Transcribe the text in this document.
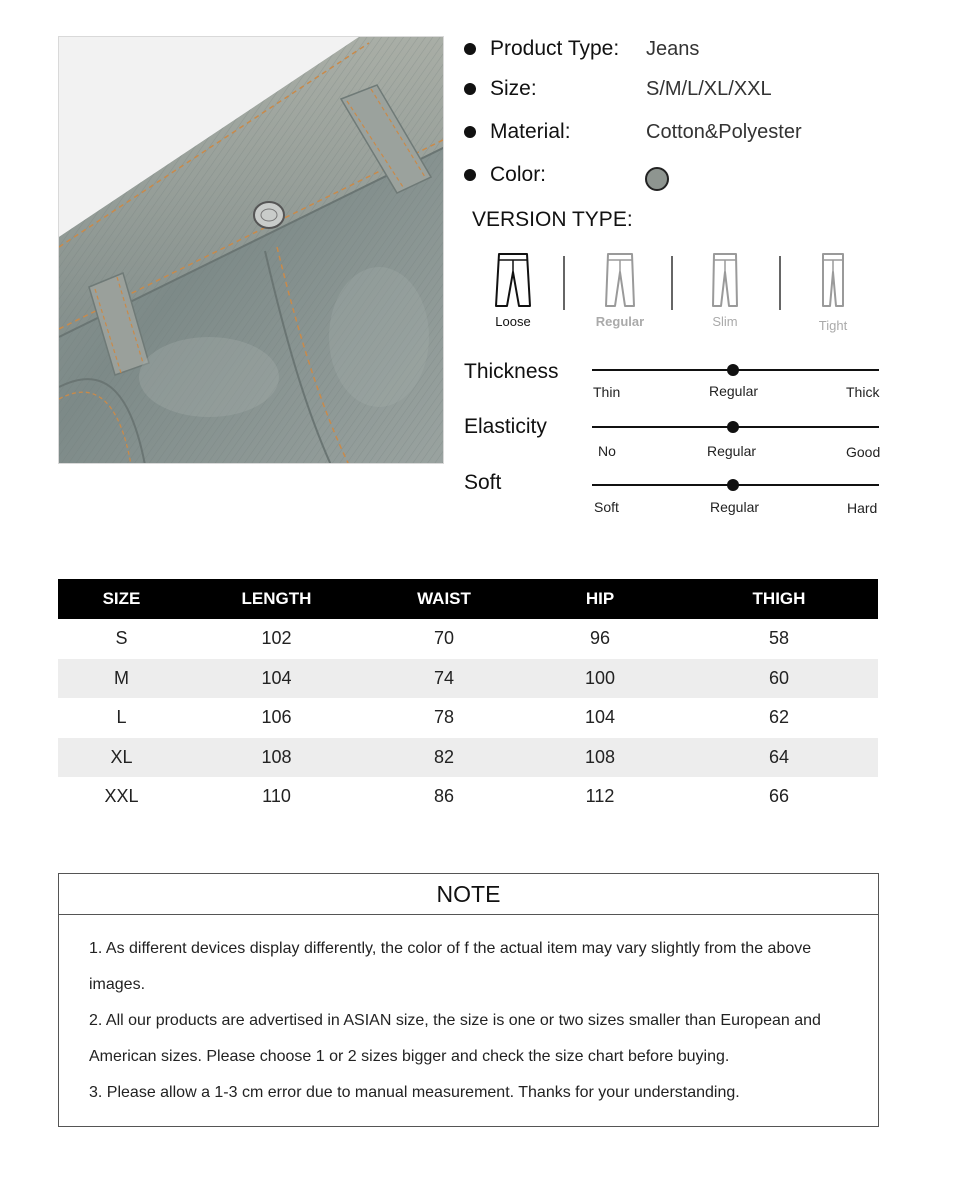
Product Type: Jeans
Size:	S/M/L/XL/XXL
Material:	Cotton&Polyester
Color:
VERSION TYPE:
Loose	Regular	Slim	Tight
Thickness
Thin	Regular	Thick
Elasticity
No	Regular	Good
Soft
Soft	Regular	Hard
SIZE	LENGTH	WAIST	HIP	THIGH
S	102	70	96	58
M	104	74	100	60
L	106	78	104	62
XL	108	82	108	64
XXL	110	86	112	66
NOTE

1. As different devices display differently, the color of f the actual item may vary slightly from the above images.

2. All our products are advertised in ASIAN size, the size is one or two sizes smaller than European and American sizes. Please choose 1 or 2 sizes bigger and check the size chart before buying.

3. Please allow a 1-3 cm error due to manual measurement. Thanks for your understanding.
